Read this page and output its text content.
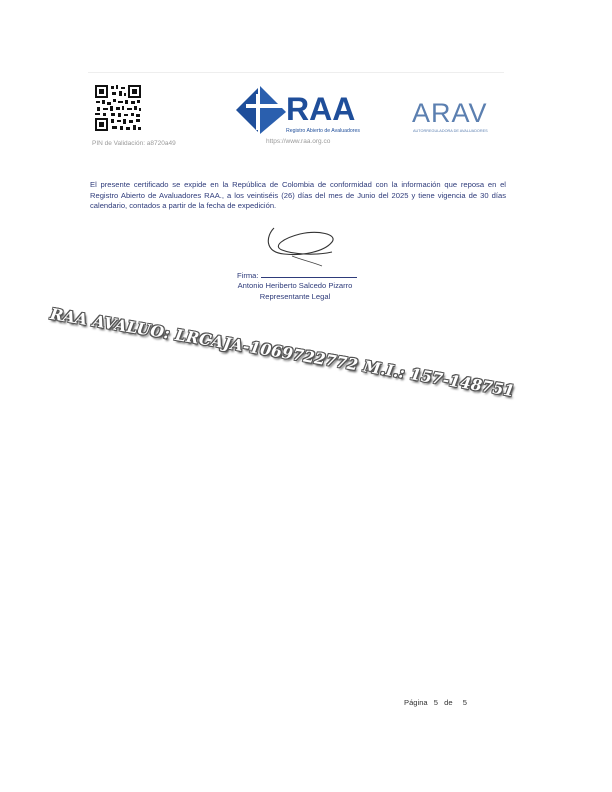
PIN de Validación: a8720a49
RAA
Registro Abierto de Avaluadores
https://www.raa.org.co
ARAV
AUTORREGULADORA DE AVALUADORES
El presente certificado se expide en la República de Colombia de conformidad con la información que reposa en el Registro Abierto de Avaluadores RAA., a los veintiséis (26) días del mes de Junio del 2025 y tiene vigencia de 30 días calendario, contados a partir de la fecha de expedición.
Firma:
Antonio Heriberto Salcedo Pizarro
Representante Legal
RAA AVALUO: LRCAJA-1069722772 M.I.: 157-148751
Página 5 de 5
